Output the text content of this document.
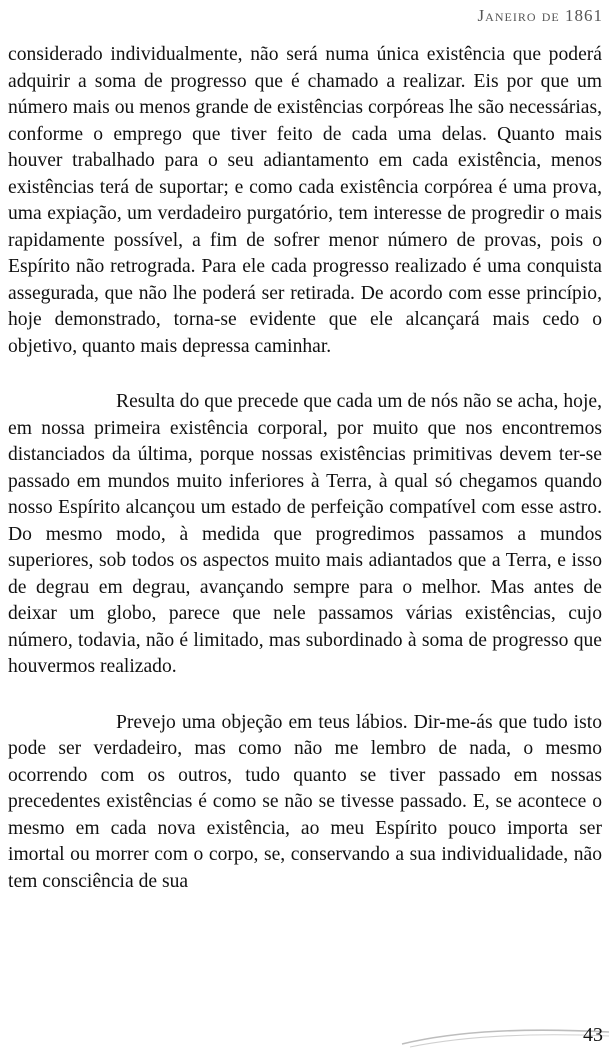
Janeiro de 1861

considerado individualmente, não será numa única existência que poderá adquirir a soma de progresso que é chamado a realizar. Eis por que um número mais ou menos grande de existências corpóreas lhe são necessárias, conforme o emprego que tiver feito de cada uma delas. Quanto mais houver trabalhado para o seu adiantamento em cada existência, menos existências terá de suportar; e como cada existência corpórea é uma prova, uma expiação, um verdadeiro purgatório, tem interesse de progredir o mais rapidamente possível, a fim de sofrer menor número de provas, pois o Espírito não retrograda. Para ele cada progresso realizado é uma conquista assegurada, que não lhe poderá ser retirada. De acordo com esse princípio, hoje demonstrado, torna-se evidente que ele alcançará mais cedo o objetivo, quanto mais depressa caminhar.

Resulta do que precede que cada um de nós não se acha, hoje, em nossa primeira existência corporal, por muito que nos encontremos distanciados da última, porque nossas existências primitivas devem ter-se passado em mundos muito inferiores à Terra, à qual só chegamos quando nosso Espírito alcançou um estado de perfeição compatível com esse astro. Do mesmo modo, à medida que progredimos passamos a mundos superiores, sob todos os aspectos muito mais adiantados que a Terra, e isso de degrau em degrau, avançando sempre para o melhor. Mas antes de deixar um globo, parece que nele passamos várias existências, cujo número, todavia, não é limitado, mas subordinado à soma de progresso que houvermos realizado.

Prevejo uma objeção em teus lábios. Dir-me-ás que tudo isto pode ser verdadeiro, mas como não me lembro de nada, o mesmo ocorrendo com os outros, tudo quanto se tiver passado em nossas precedentes existências é como se não se tivesse passado. E, se acontece o mesmo em cada nova existência, ao meu Espírito pouco importa ser imortal ou morrer com o corpo, se, conservando a sua individualidade, não tem consciência de sua

43
